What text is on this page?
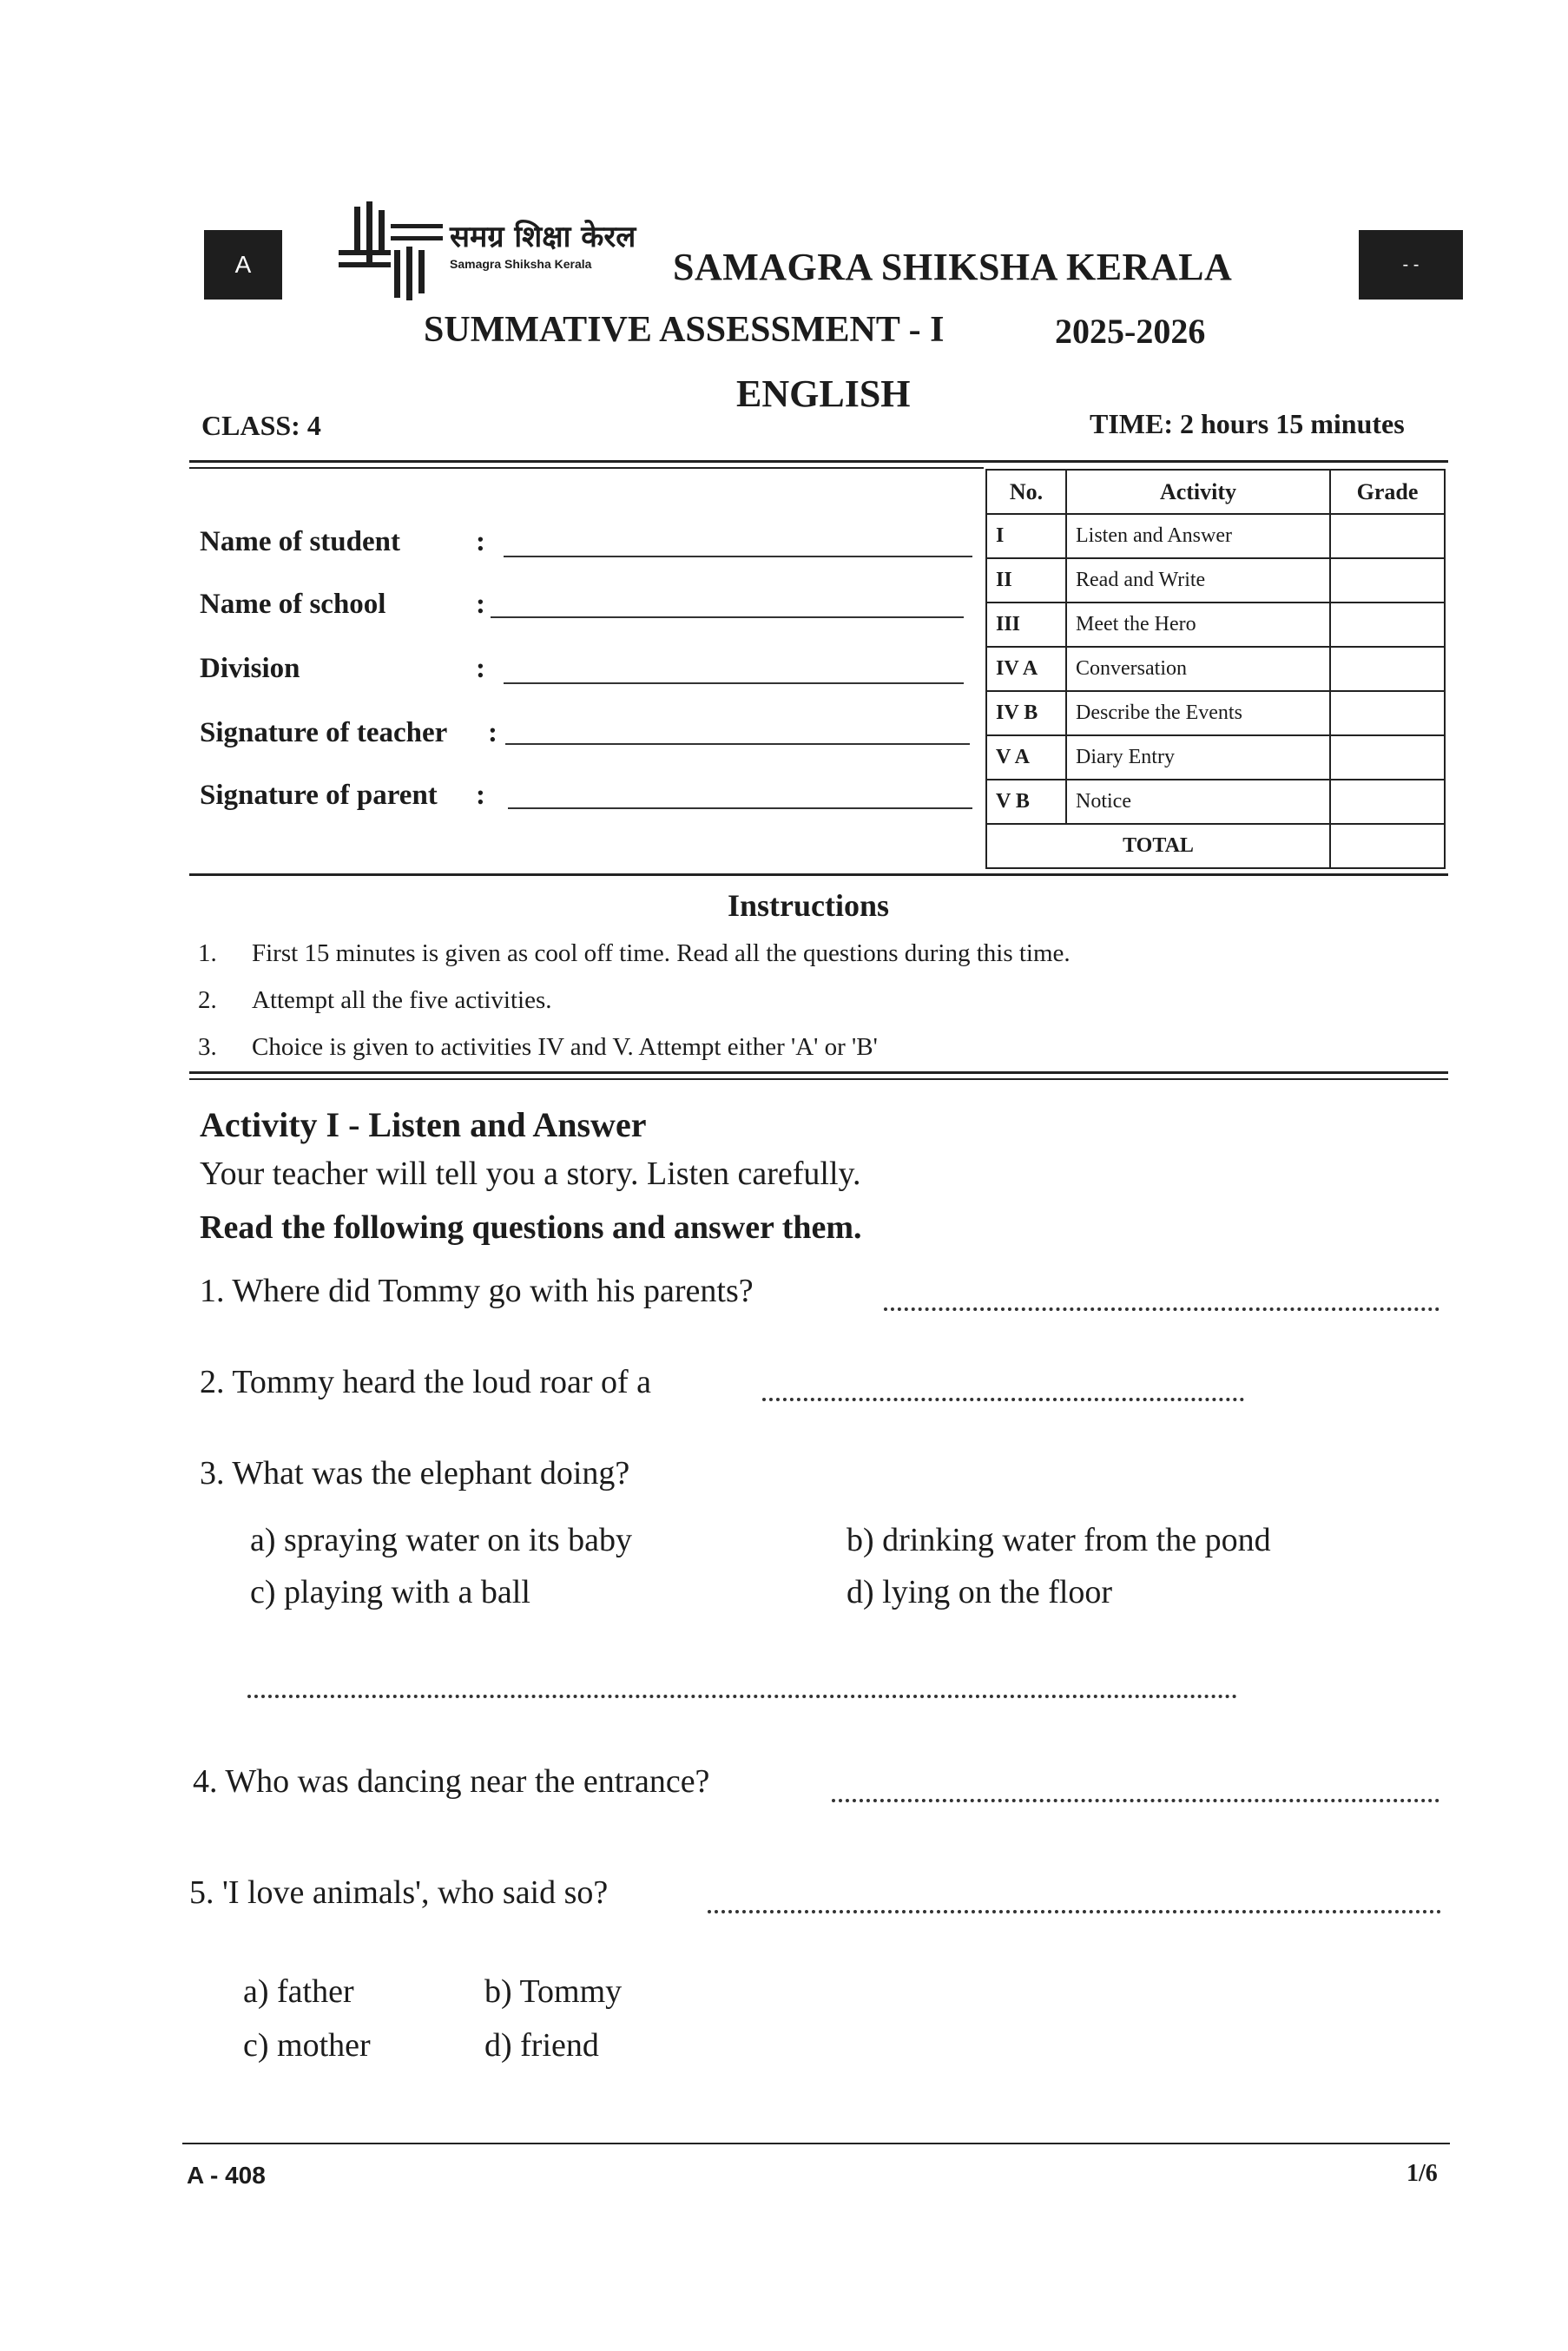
A
समग्र शिक्षा केरल
Samagra Shiksha Kerala SAMAGRA SHIKSHA KERALA	- -
SUMMATIVE ASSESSMENT - I	2025-2026
ENGLISH
CLASS: 4	TIME: 2 hours 15 minutes
Name of student	:
Name of school	:
Division	:
Signature of teacher :
Signature of parent :
No.	Activity	Grade
I	Listen and Answer	
II	Read and Write	
III	Meet the Hero	
IV A	Conversation	
IV B	Describe the Events	
V A	Diary Entry	
V B	Notice	
TOTAL		
Instructions
1. First 15 minutes is given as cool off time. Read all the questions during this time.
2. Attempt all the five activities.
3. Choice is given to activities IV and V. Attempt either 'A' or 'B'
Activity I - Listen and Answer
Your teacher will tell you a story. Listen carefully.
Read the following questions and answer them.
1. Where did Tommy go with his parents?
2. Tommy heard the loud roar of a
3. What was the elephant doing?
a) spraying water on its baby	b) drinking water from the pond
c) playing with a ball	d) lying on the floor
4. Who was dancing near the entrance?
5. 'I love animals', who said so?
a) father	b) Tommy
c) mother	d) friend
A - 408	1/6
